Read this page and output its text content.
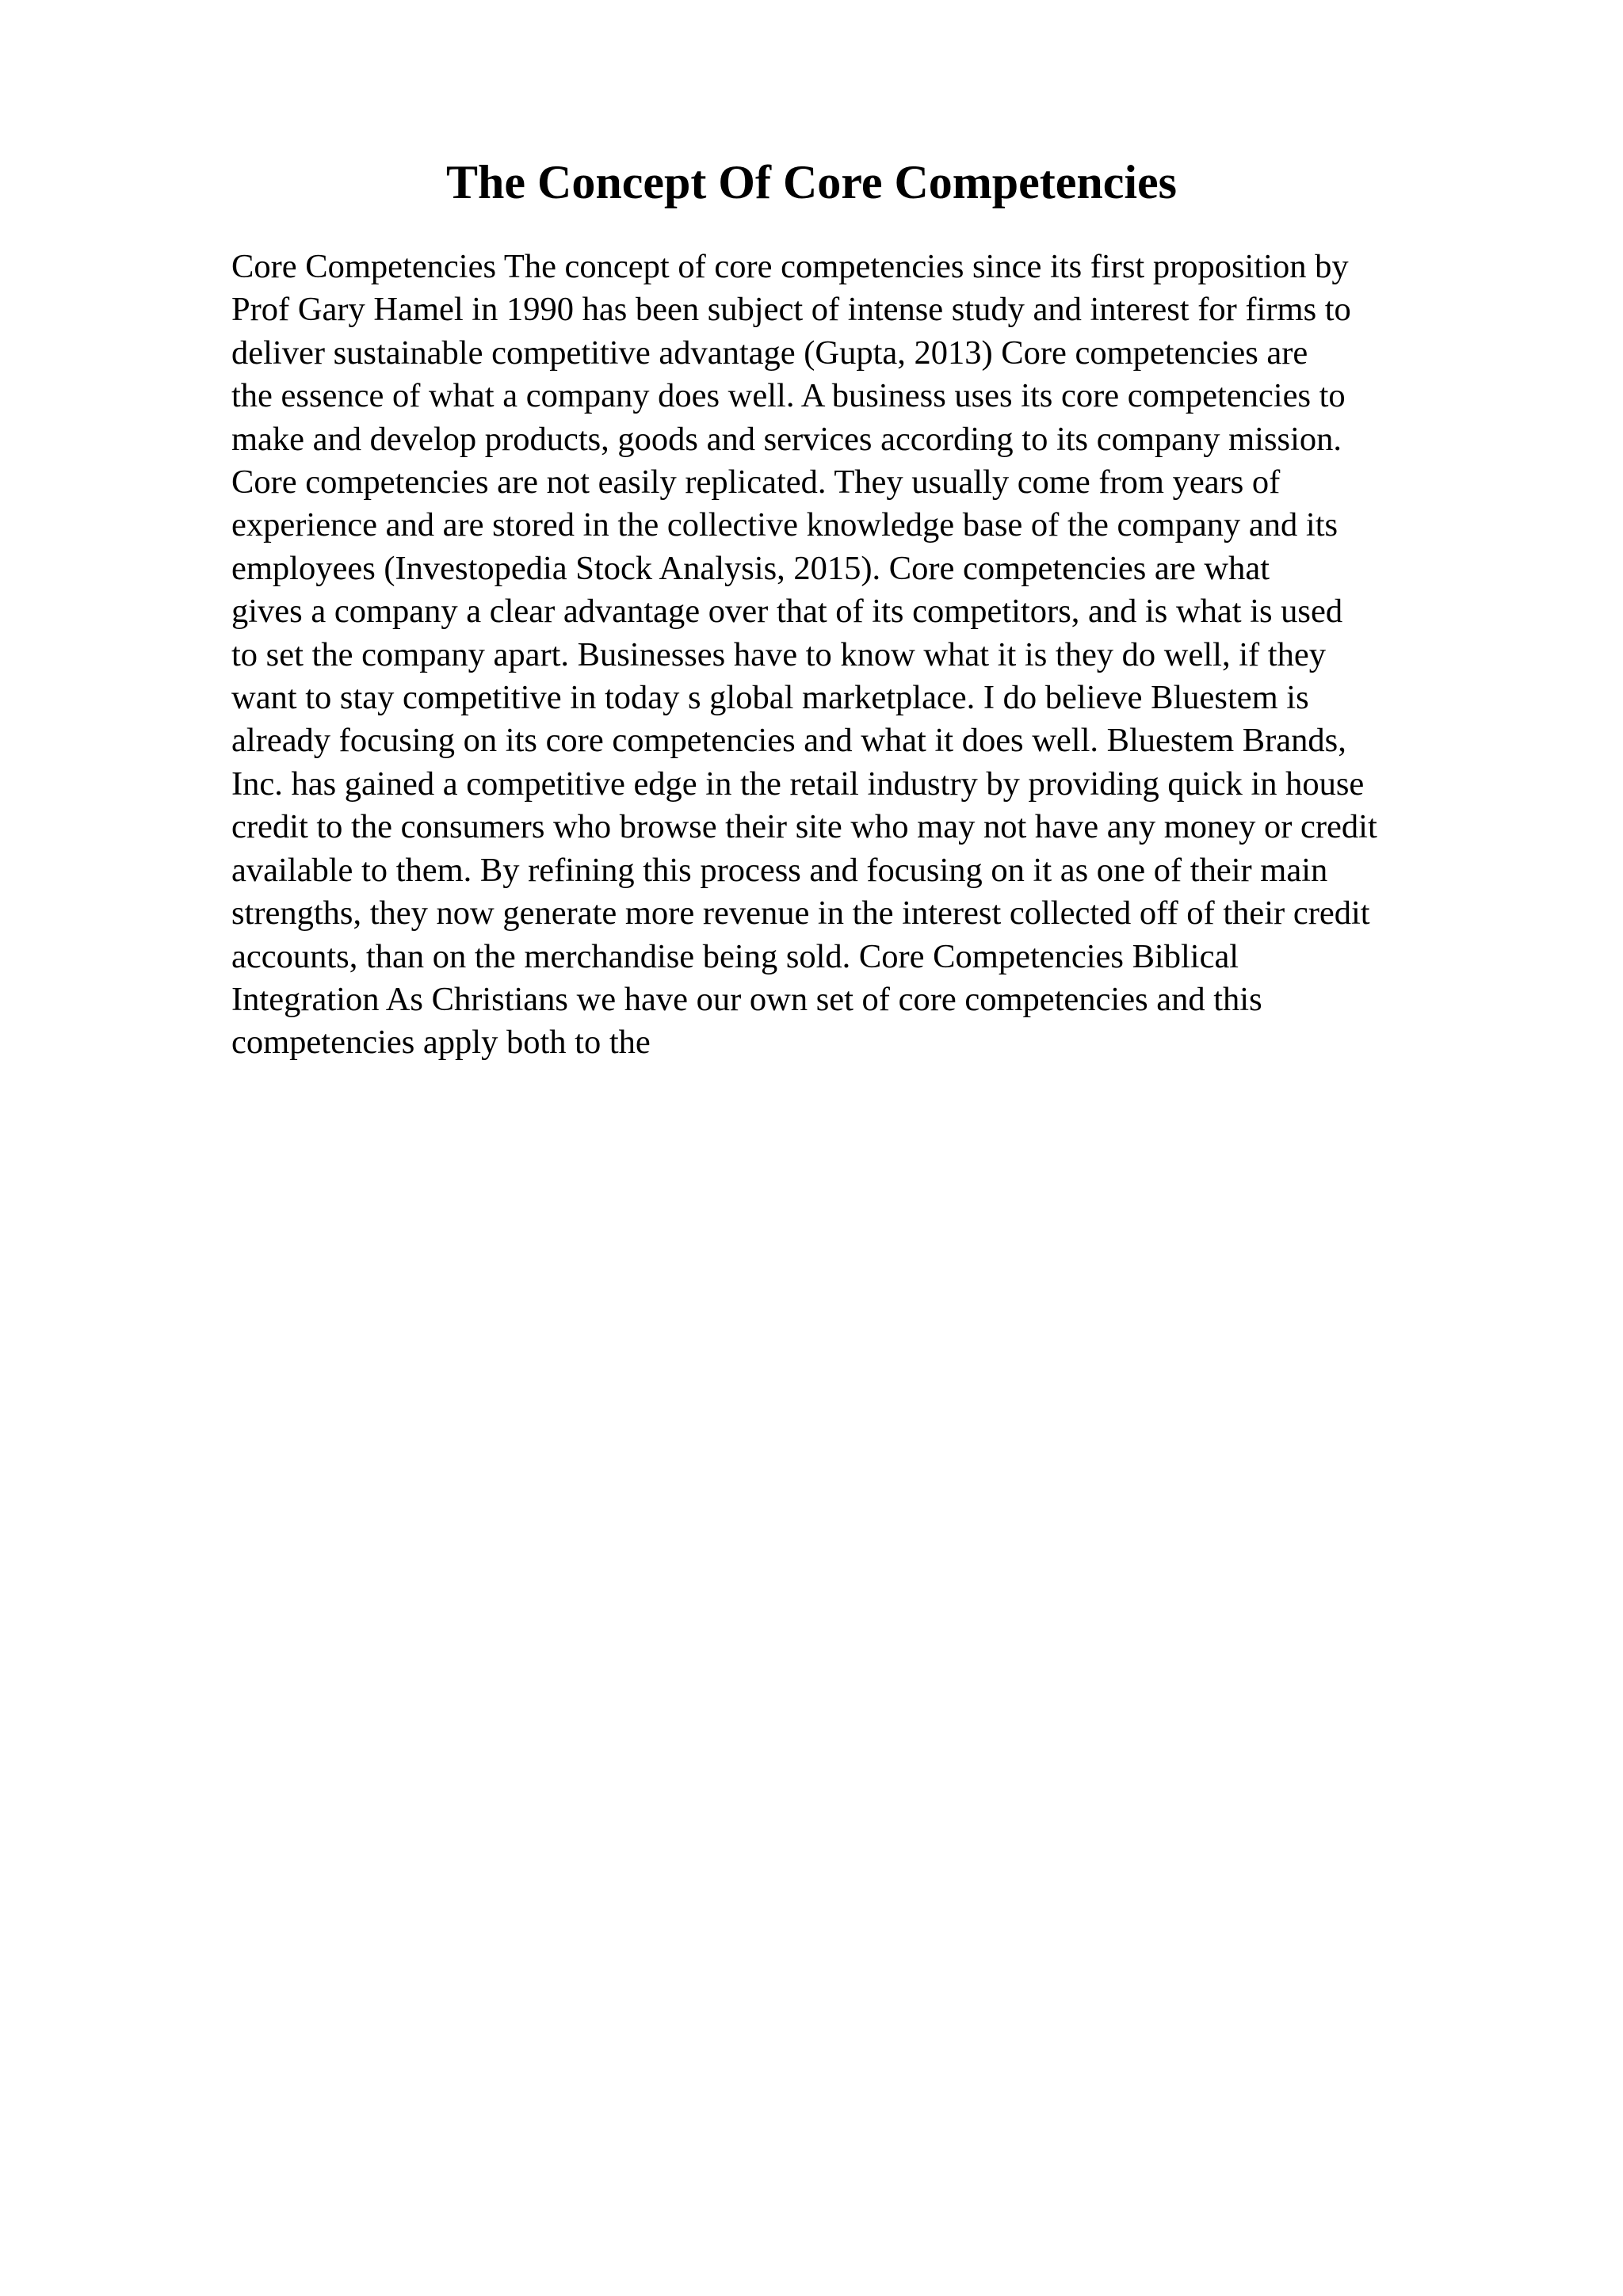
The Concept Of Core Competencies
Core Competencies The concept of core competencies since its first proposition by
Prof Gary Hamel in 1990 has been subject of intense study and interest for firms to
deliver sustainable competitive advantage (Gupta, 2013) Core competencies are
the essence of what a company does well. A business uses its core competencies to
make and develop products, goods and services according to its company mission.
Core competencies are not easily replicated. They usually come from years of
experience and are stored in the collective knowledge base of the company and its
employees (Investopedia Stock Analysis, 2015). Core competencies are what
gives a company a clear advantage over that of its competitors, and is what is used
to set the company apart. Businesses have to know what it is they do well, if they
want to stay competitive in today s global marketplace. I do believe Bluestem is
already focusing on its core competencies and what it does well. Bluestem Brands,
Inc. has gained a competitive edge in the retail industry by providing quick in house
credit to the consumers who browse their site who may not have any money or credit
available to them. By refining this process and focusing on it as one of their main
strengths, they now generate more revenue in the interest collected off of their credit
accounts, than on the merchandise being sold. Core Competencies Biblical
Integration As Christians we have our own set of core competencies and this
competencies apply both to the
